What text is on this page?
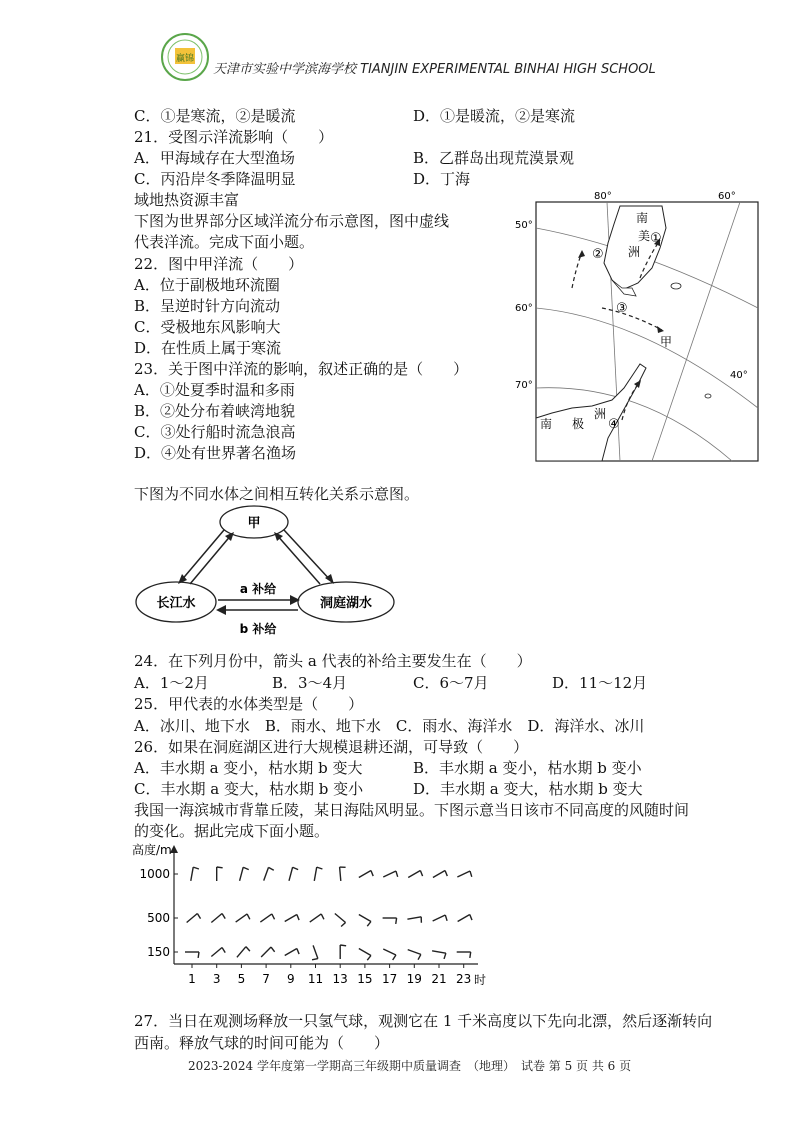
赢锦
天津市实验中学滨海学校 TIANJIN EXPERIMENTAL BINHAI HIGH SCHOOL
C．①是寒流，②是暖流	D．①是暖流，②是寒流
21．受图示洋流影响（　　）
A．甲海域存在大型渔场	B．乙群岛出现荒漠景观
C．丙沿岸冬季降温明显	D．丁海
域地热资源丰富
下图为世界部分区域洋流分布示意图，图中虚线
代表洋流。完成下面小题。
22．图中甲洋流（　　）
A．位于副极地环流圈
B．呈逆时针方向流动
C．受极地东风影响大
D．在性质上属于寒流
23．关于图中洋流的影响，叙述正确的是（　　）
A．①处夏季时温和多雨
B．②处分布着峡湾地貌
C．③处行船时流急浪高
D．④处有世界著名渔场
80°	60°
40°
50°
60°
70°
南
美
洲
①
②
③
④
甲
南 极
洲
下图为不同水体之间相互转化关系示意图。
甲
长江水	洞庭湖水
a 补给
b 补给
24．在下列月份中，箭头 a 代表的补给主要发生在（　　）
A．1～2月	B．3～4月	C．6～7月	D．11～12月
25．甲代表的水体类型是（　　）
A．冰川、地下水　B．雨水、地下水　C．雨水、海洋水　D．海洋水、冰川
26．如果在洞庭湖区进行大规模退耕还湖，可导致（　　）
A．丰水期 a 变小，枯水期 b 变大	B．丰水期 a 变小，枯水期 b 变小
C．丰水期 a 变大，枯水期 b 变小	D．丰水期 a 变大，枯水期 b 变大
我国一海滨城市背靠丘陵，某日海陆风明显。下图示意当日该市不同高度的风随时间
的变化。据此完成下面小题。
高度/m
1000
500
150
1 3 5 7 9 11 13 15 17 19 21 23 时
27．当日在观测场释放一只氢气球，观测它在 1 千米高度以下先向北漂，然后逐渐转向
西南。释放气球的时间可能为（　　）
2023-2024 学年度第一学期高三年级期中质量调查　（地理）　试卷 第 5 页 共 6 页
